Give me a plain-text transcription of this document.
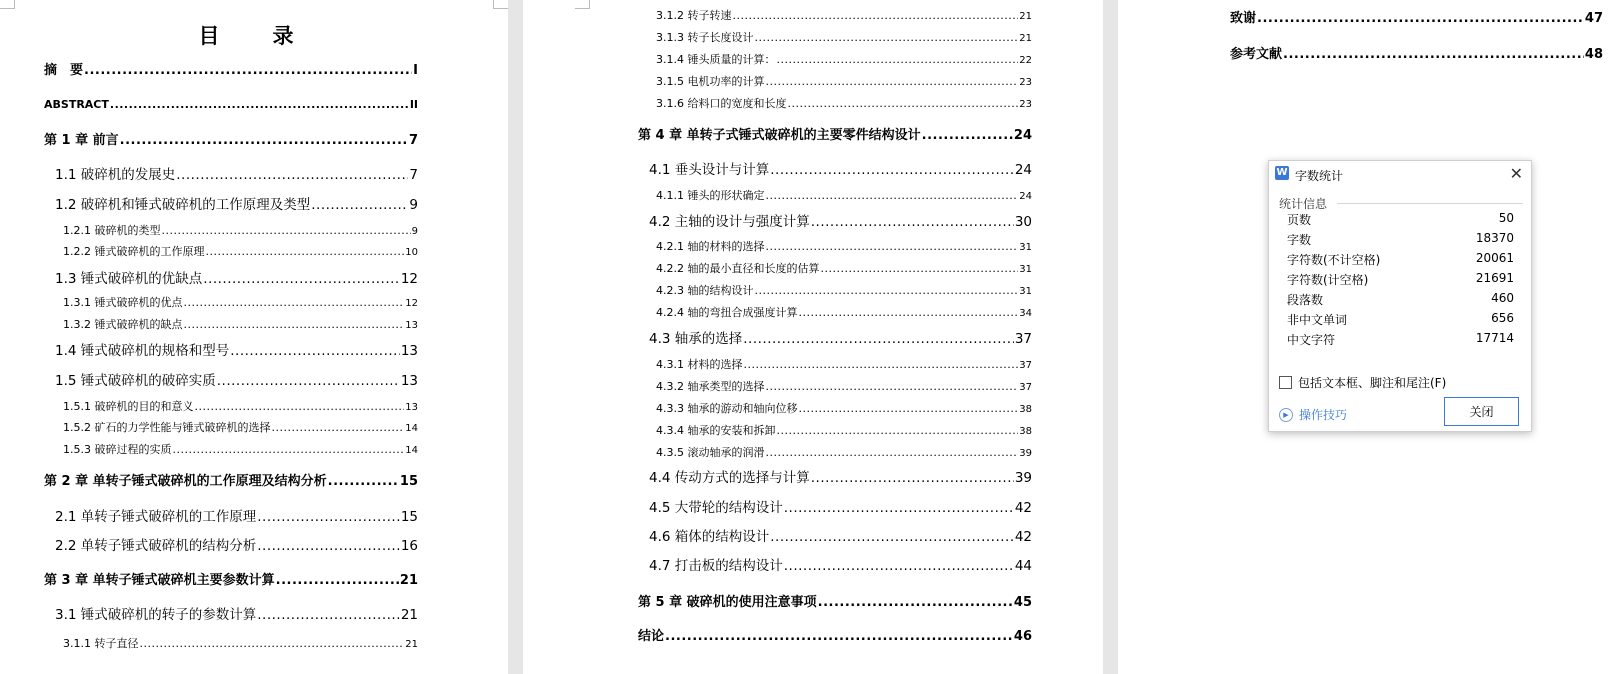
目　录
摘　要 .....	I
ABSTRACT .....	II
第 1 章 前言 .....	7
1.1 破碎机的发展史 .....	7
1.2 破碎机和锤式破碎机的工作原理及类型 .....	9
1.2.1 破碎机的类型 .....	9
1.2.2 锤式破碎机的工作原理 .....	10
1.3 锤式破碎机的优缺点 .....	12
1.3.1 锤式破碎机的优点 .....	12
1.3.2 锤式破碎机的缺点 .....	13
1.4 锤式破碎机的规格和型号 .....	13
1.5 锤式破碎机的破碎实质 .....	13
1.5.1 破碎机的目的和意义 .....	13
1.5.2 矿石的力学性能与锤式破碎机的选择 .....	14
1.5.3 破碎过程的实质 .....	14
第 2 章 单转子锤式破碎机的工作原理及结构分析 .....	15
2.1 单转子锤式破碎机的工作原理 .....	15
2.2 单转子锤式破碎机的结构分析 .....	16
第 3 章 单转子锤式破碎机主要参数计算 .....	21
3.1 锤式破碎机的转子的参数计算 .....	21
3.1.1 转子直径 .....	21
3.1.2 转子转速 .....	21
3.1.3 转子长度设计 .....	21
3.1.4 锤头质量的计算： .....	22
3.1.5 电机功率的计算 .....	23
3.1.6 给料口的宽度和长度 .....	23
第 4 章 单转子式锤式破碎机的主要零件结构设计 .....	24
4.1 垂头设计与计算 .....	24
4.1.1 锤头的形状确定 .....	24
4.2 主轴的设计与强度计算 .....	30
4.2.1 轴的材料的选择 .....	31
4.2.2 轴的最小直径和长度的估算 .....	31
4.2.3 轴的结构设计 .....	31
4.2.4 轴的弯扭合成强度计算 .....	34
4.3 轴承的选择 .....	37
4.3.1 材料的选择 .....	37
4.3.2 轴承类型的选择 .....	37
4.3.3 轴承的游动和轴向位移 .....	38
4.3.4 轴承的安装和拆卸 .....	38
4.3.5 滚动轴承的润滑 .....	39
4.4 传动方式的选择与计算 .....	39
4.5 大带轮的结构设计 .....	42
4.6 箱体的结构设计 .....	42
4.7 打击板的结构设计 .....	44
第 5 章 破碎机的使用注意事项 .....	45
结论 .....	46
致谢 .....	47
参考文献 .....	48
W 字数统计	✕
统计信息
页数	50
字数	18370
字符数(不计空格)	20061
字符数(计空格)	21691
段落数	460
非中文单词	656
中文字符	17714
包括文本框、脚注和尾注(F)
▶ 操作技巧	关闭
